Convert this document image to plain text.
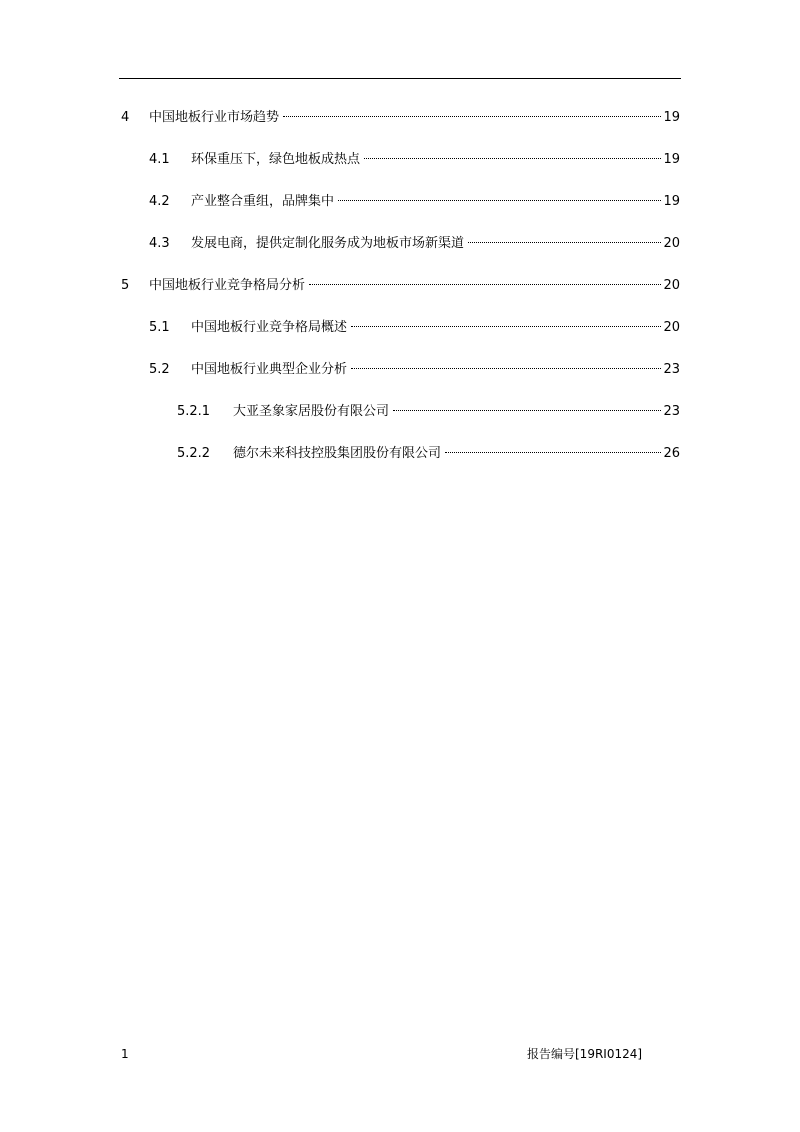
4 中国地板行业市场趋势	19
4.1 环保重压下，绿色地板成热点	19
4.2 产业整合重组，品牌集中	19
4.3 发展电商，提供定制化服务成为地板市场新渠道	20
5 中国地板行业竞争格局分析	20
5.1 中国地板行业竞争格局概述	20
5.2 中国地板行业典型企业分析	23
5.2.1 大亚圣象家居股份有限公司	23
5.2.2 德尔未来科技控股集团股份有限公司	26
1	报告编号[19RI0124]
